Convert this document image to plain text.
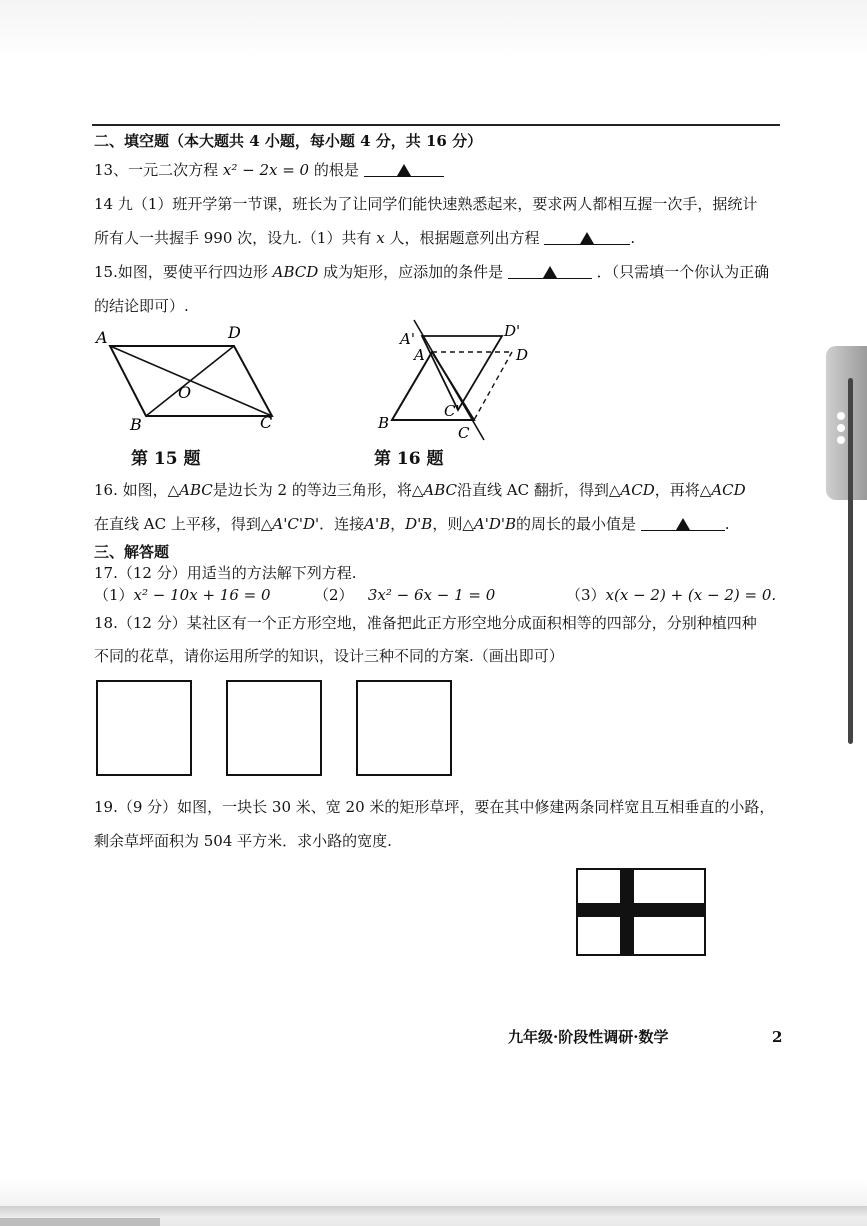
二、填空题（本大题共 4 小题，每小题 4 分，共 16 分）
13、一元二次方程 x² − 2x = 0 的根是
14 九（1）班开学第一节课，班长为了让同学们能快速熟悉起来，要求两人都相互握一次手，据统计
所有人一共握手 990 次，设九.（1）共有 x 人，根据题意列出方程	.
15.如图，要使平行四边形 ABCD 成为矩形，应添加的条件是	．（只需填一个你认为正确
的结论即可）.
A	D
O
B	C
第 15 题
A'
A
D'
D
B
C'
C
第 16 题
16. 如图，△ABC是边长为 2 的等边三角形，将△ABC沿直线 AC 翻折，得到△ACD，再将△ACD
在直线 AC 上平移，得到△A'C'D'．连接A'B，D'B，则△A'D'B的周长的最小值是	.
三、解答题
17.（12 分）用适当的方法解下列方程.
（1）x² − 10x + 16 = 0	（2） 3x² − 6x − 1 = 0	（3）x(x − 2) + (x − 2) = 0.
18.（12 分）某社区有一个正方形空地，准备把此正方形空地分成面积相等的四部分，分别种植四种
不同的花草，请你运用所学的知识，设计三种不同的方案.（画出即可）
19.（9 分）如图，一块长 30 米、宽 20 米的矩形草坪，要在其中修建两条同样宽且互相垂直的小路，
剩余草坪面积为 504 平方米．求小路的宽度.
九年级·阶段性调研·数学	2
